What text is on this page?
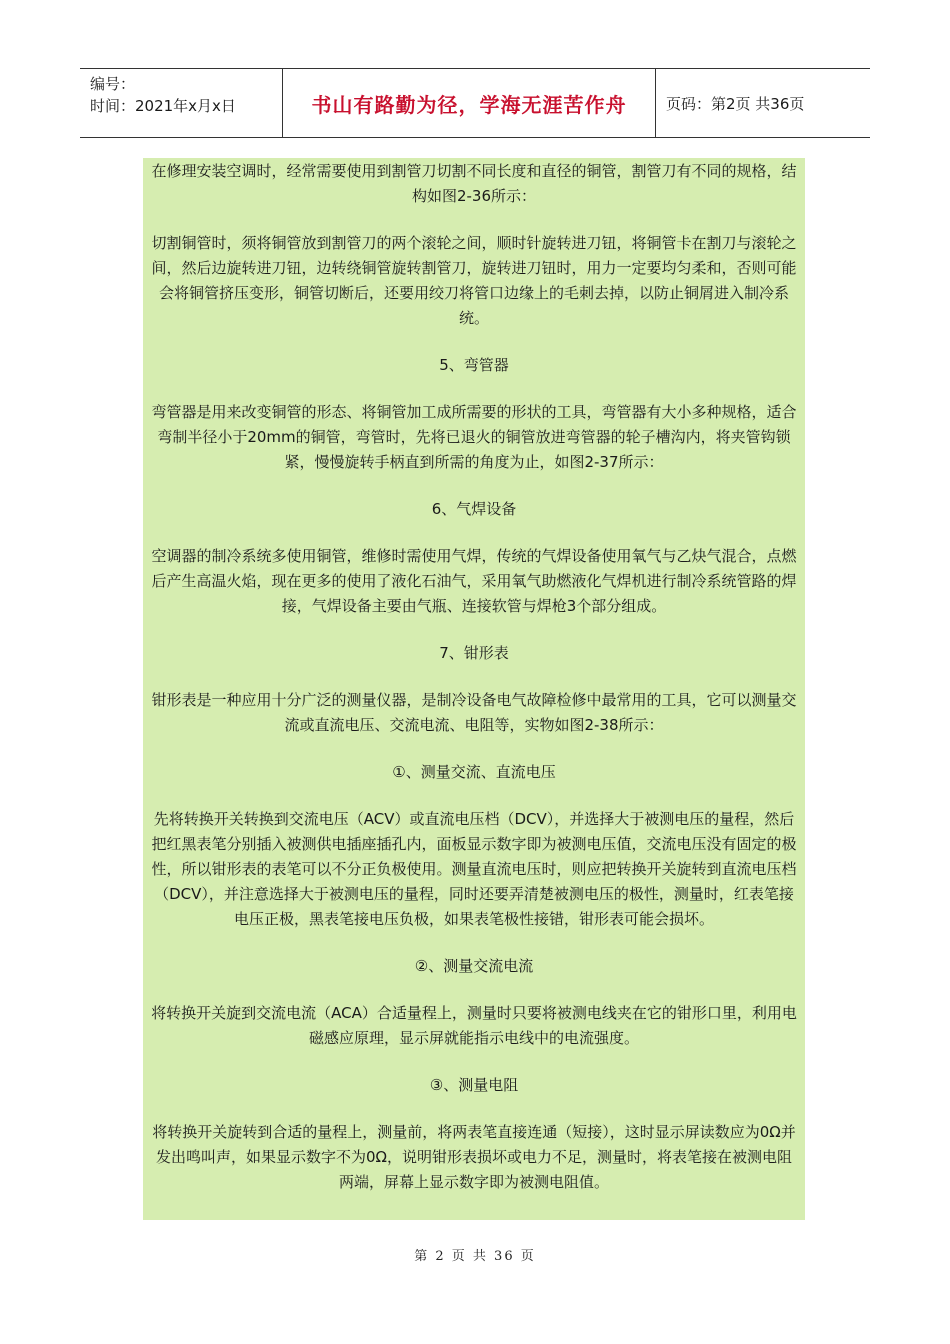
编号：
时间：2021年x月x日	书山有路勤为径，学海无涯苦作舟	页码：第2页 共36页

在修理安装空调时，经常需要使用到割管刀切割不同长度和直径的铜管，割管刀有不同的规格，结构如图2-36所示：

切割铜管时，须将铜管放到割管刀的两个滚轮之间，顺时针旋转进刀钮，将铜管卡在割刀与滚轮之间，然后边旋转进刀钮，边转绕铜管旋转割管刀，旋转进刀钮时，用力一定要均匀柔和，否则可能会将铜管挤压变形，铜管切断后，还要用绞刀将管口边缘上的毛刺去掉，以防止铜屑进入制冷系统。

5、弯管器

弯管器是用来改变铜管的形态、将铜管加工成所需要的形状的工具，弯管器有大小多种规格，适合弯制半径小于20mm的铜管，弯管时，先将已退火的铜管放进弯管器的轮子槽沟内，将夹管钩锁紧，慢慢旋转手柄直到所需的角度为止，如图2-37所示：

6、气焊设备

空调器的制冷系统多使用铜管，维修时需使用气焊，传统的气焊设备使用氧气与乙炔气混合，点燃后产生高温火焰，现在更多的使用了液化石油气，采用氧气助燃液化气焊机进行制冷系统管路的焊接，气焊设备主要由气瓶、连接软管与焊枪3个部分组成。

7、钳形表

钳形表是一种应用十分广泛的测量仪器，是制冷设备电气故障检修中最常用的工具，它可以测量交流或直流电压、交流电流、电阻等，实物如图2-38所示：

①、测量交流、直流电压

先将转换开关转换到交流电压（ACV）或直流电压档（DCV），并选择大于被测电压的量程，然后把红黑表笔分别插入被测供电插座插孔内，面板显示数字即为被测电压值，交流电压没有固定的极性，所以钳形表的表笔可以不分正负极使用。测量直流电压时，则应把转换开关旋转到直流电压档（DCV），并注意选择大于被测电压的量程，同时还要弄清楚被测电压的极性，测量时，红表笔接电压正极，黑表笔接电压负极，如果表笔极性接错，钳形表可能会损坏。

②、测量交流电流

将转换开关旋到交流电流（ACA）合适量程上，测量时只要将被测电线夹在它的钳形口里，利用电磁感应原理，显示屏就能指示电线中的电流强度。

③、测量电阻

将转换开关旋转到合适的量程上，测量前，将两表笔直接连通（短接），这时显示屏读数应为0Ω并发出鸣叫声，如果显示数字不为0Ω，说明钳形表损坏或电力不足，测量时，将表笔接在被测电阻两端，屏幕上显示数字即为被测电阻值。

第 2 页 共 36 页
